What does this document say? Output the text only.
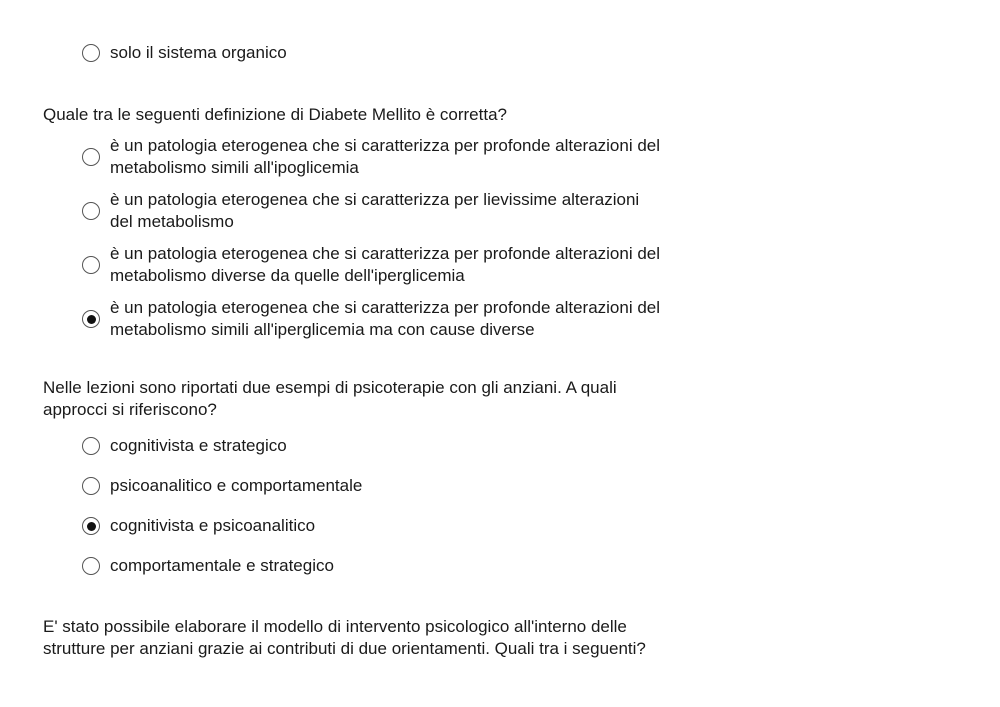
solo il sistema organico
Quale tra le seguenti definizione di Diabete Mellito è corretta?
è un patologia eterogenea che si caratterizza per profonde alterazioni del
metabolismo simili all'ipoglicemia
è un patologia eterogenea che si caratterizza per lievissime alterazioni
del metabolismo
è un patologia eterogenea che si caratterizza per profonde alterazioni del
metabolismo diverse da quelle dell'iperglicemia
è un patologia eterogenea che si caratterizza per profonde alterazioni del
metabolismo simili all'iperglicemia ma con cause diverse
Nelle lezioni sono riportati due esempi di psicoterapie con gli anziani. A quali
approcci si riferiscono?
cognitivista e strategico
psicoanalitico e comportamentale
cognitivista e psicoanalitico
comportamentale e strategico
E' stato possibile elaborare il modello di intervento psicologico all'interno delle
strutture per anziani grazie ai contributi di due orientamenti. Quali tra i seguenti?
